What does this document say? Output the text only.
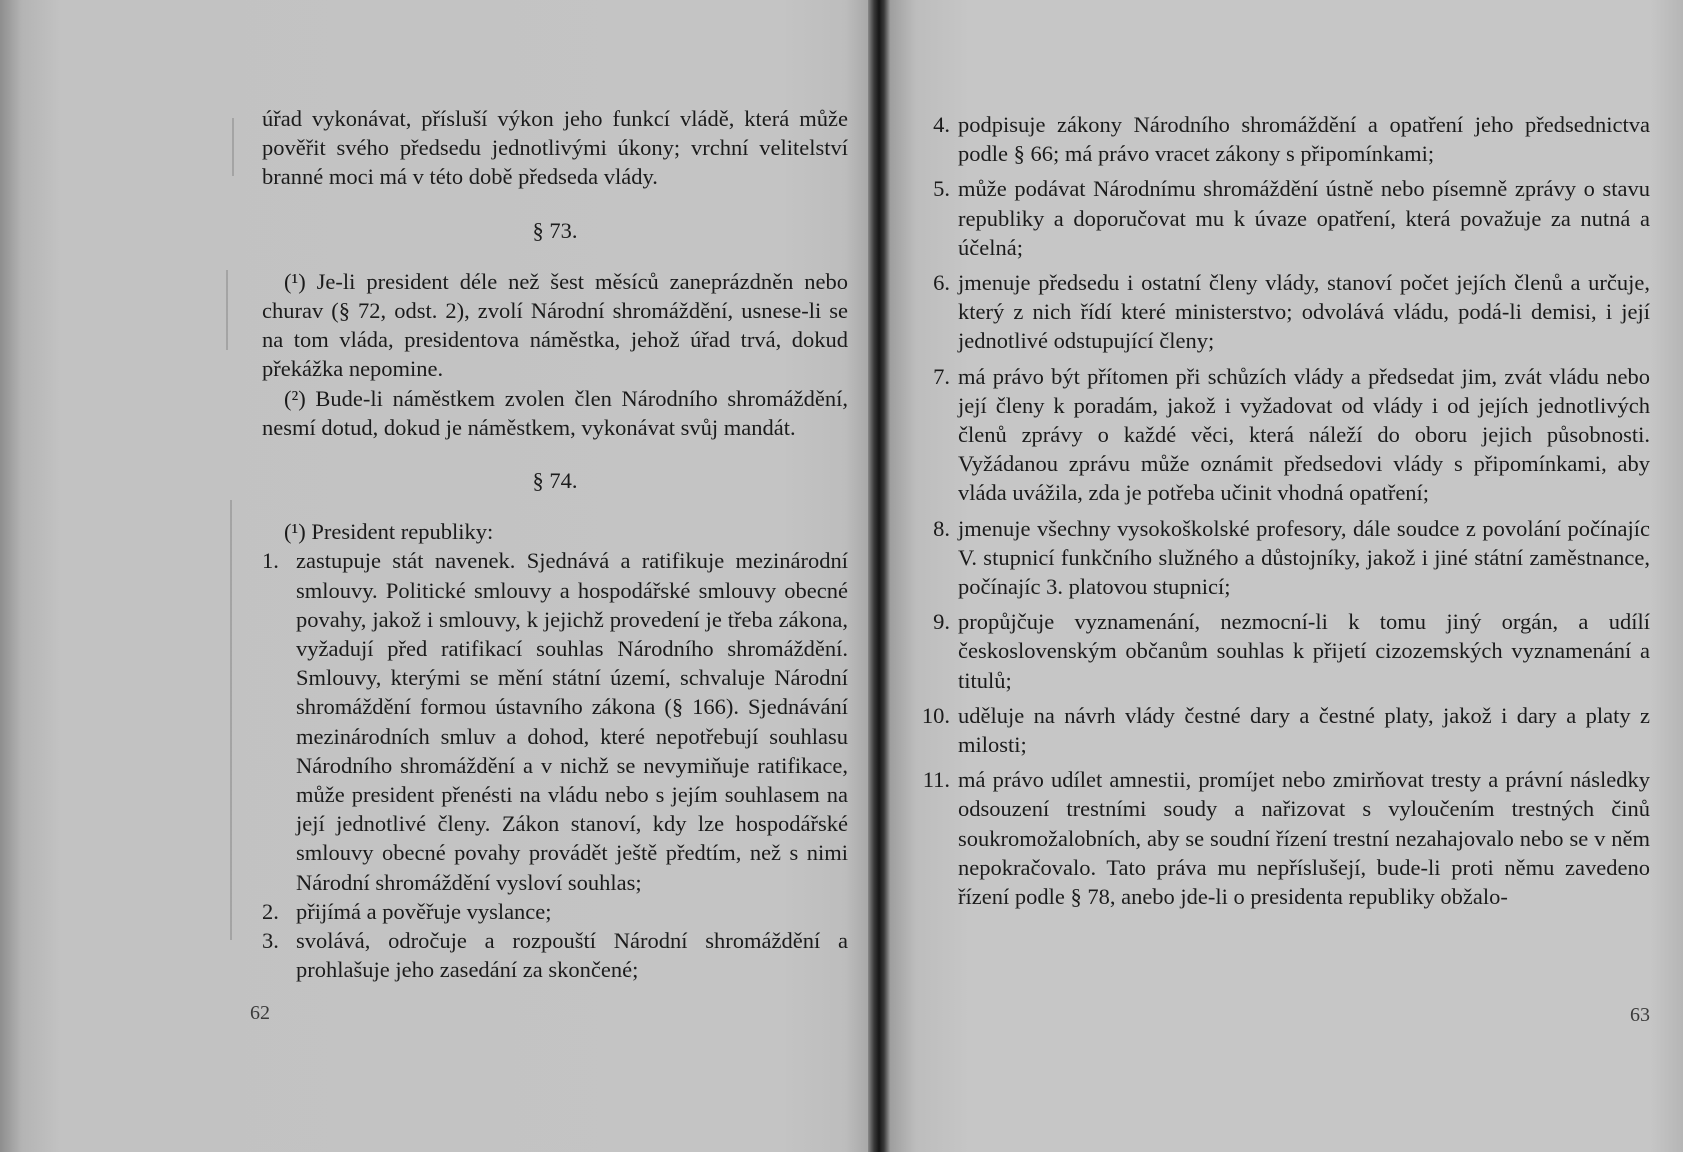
úřad vykonávat, přísluší výkon jeho funkcí vládě, která může pověřit svého předsedu jednotlivými úkony; vrchní velitelství branné moci má v této době předseda vlády.

§ 73.

(¹) Je-li president déle než šest měsíců zaneprázdněn nebo churav (§ 72, odst. 2), zvolí Národní shromáždění, usnese-li se na tom vláda, presidentova náměstka, jehož úřad trvá, dokud překážka nepomine.

(²) Bude-li náměstkem zvolen člen Národního shromáždění, nesmí dotud, dokud je náměstkem, vykonávat svůj mandát.

§ 74.

(¹) President republiky:

1. zastupuje stát navenek. Sjednává a ratifikuje mezinárodní smlouvy. Politické smlouvy a hospodářské smlouvy obecné povahy, jakož i smlouvy, k jejichž provedení je třeba zákona, vyžadují před ratifikací souhlas Národního shromáždění. Smlouvy, kterými se mění státní území, schvaluje Národní shromáždění formou ústavního zákona (§ 166). Sjednávání mezinárodních smluv a dohod, které nepotřebují souhlasu Národního shromáždění a v nichž se nevymiňuje ratifikace, může president přenésti na vládu nebo s jejím souhlasem na její jednotlivé členy. Zákon stanoví, kdy lze hospodářské smlouvy obecné povahy provádět ještě předtím, než s nimi Národní shromáždění vysloví souhlas;
2. přijímá a pověřuje vyslance;
3. svolává, odročuje a rozpouští Národní shromáždění a prohlašuje jeho zasedání za skončené;
62
4. podpisuje zákony Národního shromáždění a opatření jeho předsednictva podle § 66; má právo vracet zákony s připomínkami;
5. může podávat Národnímu shromáždění ústně nebo písemně zprávy o stavu republiky a doporučovat mu k úvaze opatření, která považuje za nutná a účelná;
6. jmenuje předsedu i ostatní členy vlády, stanoví počet jejích členů a určuje, který z nich řídí které ministerstvo; odvolává vládu, podá-li demisi, i její jednotlivé odstupující členy;
7. má právo být přítomen při schůzích vlády a předsedat jim, zvát vládu nebo její členy k poradám, jakož i vyžadovat od vlády i od jejích jednotlivých členů zprávy o každé věci, která náleží do oboru jejich působnosti. Vyžádanou zprávu může oznámit předsedovi vlády s připomínkami, aby vláda uvážila, zda je potřeba učinit vhodná opatření;
8. jmenuje všechny vysokoškolské profesory, dále soudce z povolání počínajíc V. stupnicí funkčního služného a důstojníky, jakož i jiné státní zaměstnance, počínajíc 3. platovou stupnicí;
9. propůjčuje vyznamenání, nezmocní-li k tomu jiný orgán, a udílí československým občanům souhlas k přijetí cizozemských vyznamenání a titulů;
10. uděluje na návrh vlády čestné dary a čestné platy, jakož i dary a platy z milosti;
11. má právo udílet amnestii, promíjet nebo zmirňovat tresty a právní následky odsouzení trestními soudy a nařizovat s vyloučením trestných činů soukromožalobních, aby se soudní řízení trestní nezahajovalo nebo se v něm nepokračovalo. Tato práva mu nepříslušejí, bude-li proti němu zavedeno řízení podle § 78, anebo jde-li o presidenta republiky obžalo-
63
